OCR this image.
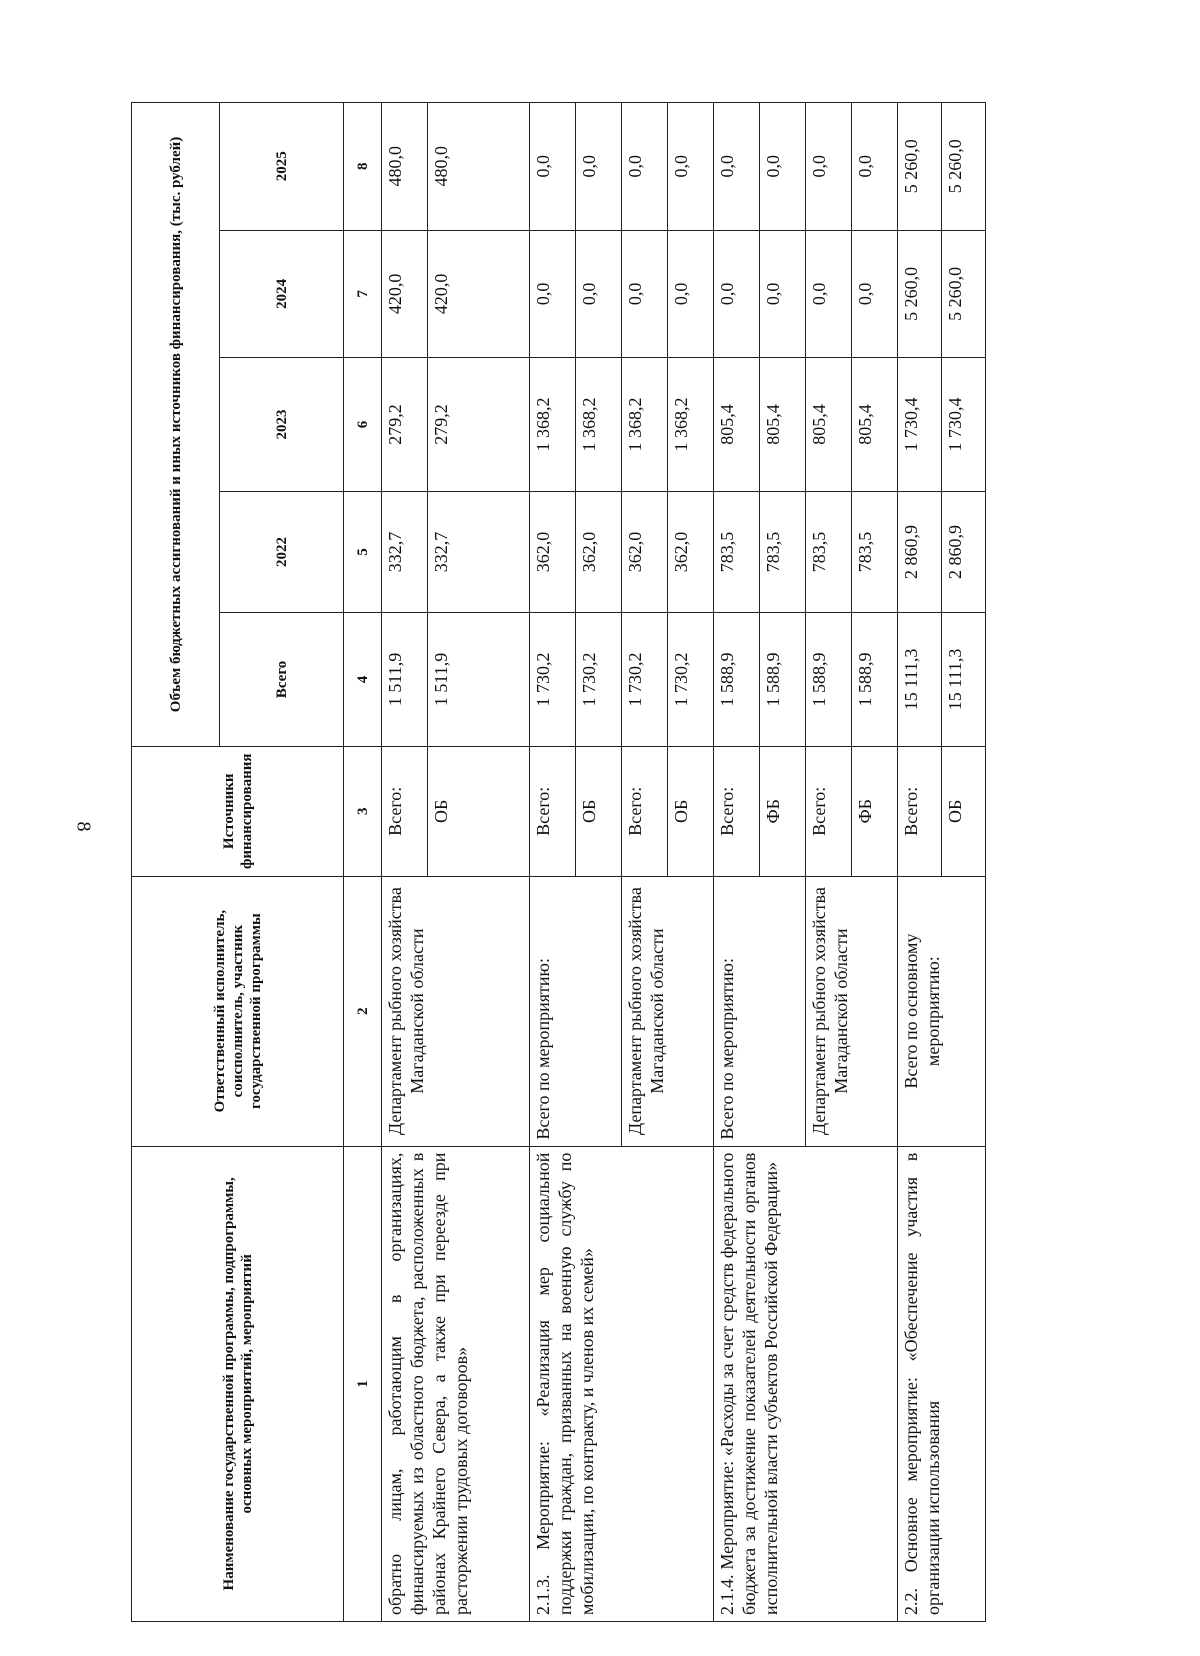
8
Наименование государственной программы, подпрограммы, основных мероприятий, мероприятий	Ответственный исполнитель, соисполнитель, участник государственной программы	Источники финансирования	Объем бюджетных ассигнований и иных источников финансирования, (тыс. рублей)				
			Всего	2022	2023	2024	2025
1	2	3	4	5	6	7	8
обратно лицам, работающим в организациях, финансируемых из областного бюджета, расположенных в районах Крайнего Севера, а также при переезде при расторжении трудовых договоров»	Департамент рыбного хозяйства Магаданской области	Всего:	1 511,9	332,7	279,2	420,0	480,0
		ОБ	1 511,9	332,7	279,2	420,0	480,0
2.1.3. Мероприятие: «Реализация мер социальной поддержки граждан, призванных на военную службу по мобилизации, по контракту, и членов их семей»	Всего по мероприятию:	Всего:	1 730,2	362,0	1 368,2	0,0	0,0
		ОБ	1 730,2	362,0	1 368,2	0,0	0,0
	Департамент рыбного хозяйства Магаданской области	Всего:	1 730,2	362,0	1 368,2	0,0	0,0
		ОБ	1 730,2	362,0	1 368,2	0,0	0,0
2.1.4. Мероприятие: «Расходы за счет средств федерального бюджета за достижение показателей деятельности органов исполнительной власти субъектов Российской Федерации»	Всего по мероприятию:	Всего:	1 588,9	783,5	805,4	0,0	0,0
		ФБ	1 588,9	783,5	805,4	0,0	0,0
	Департамент рыбного хозяйства Магаданской области	Всего:	1 588,9	783,5	805,4	0,0	0,0
		ФБ	1 588,9	783,5	805,4	0,0	0,0
2.2. Основное мероприятие: «Обеспечение участия в организации использования	Всего по основному мероприятию:	Всего:	15 111,3	2 860,9	1 730,4	5 260,0	5 260,0
		ОБ	15 111,3	2 860,9	1 730,4	5 260,0	5 260,0
